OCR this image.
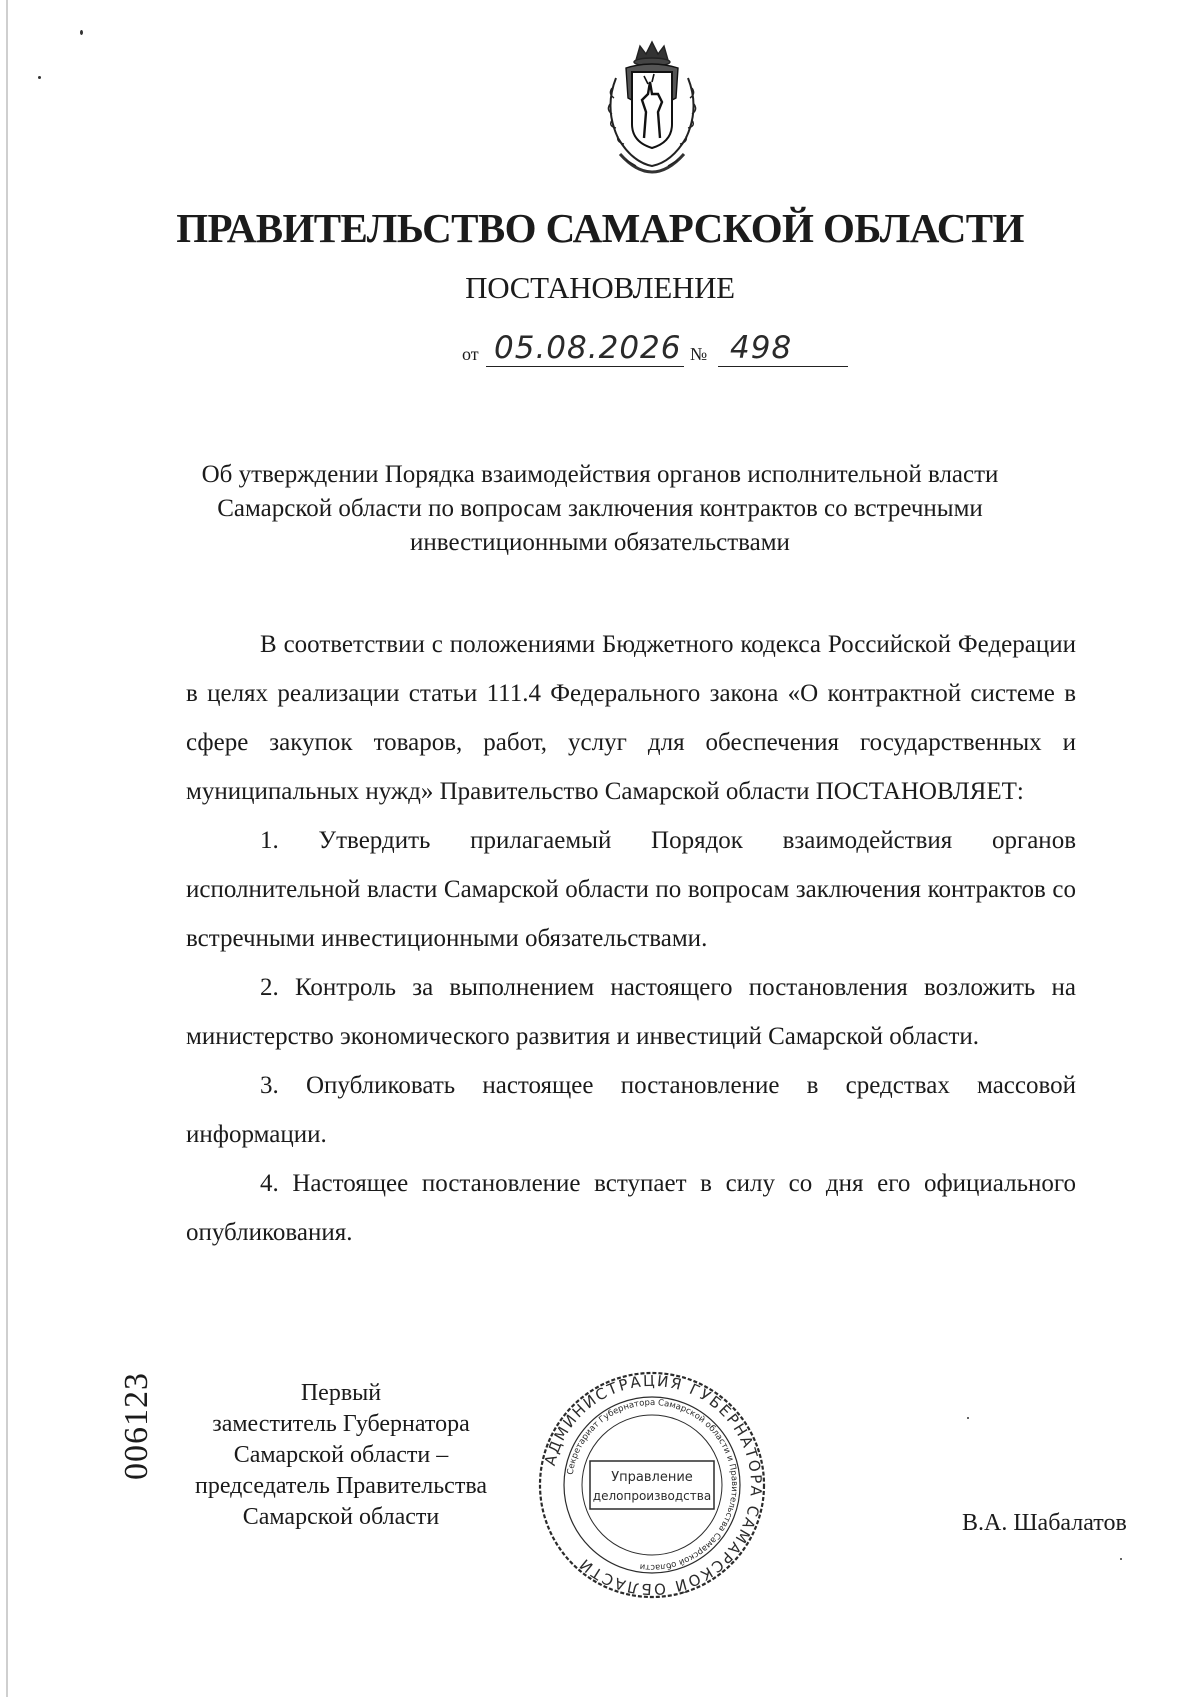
ПРАВИТЕЛЬСТВО САМАРСКОЙ ОБЛАСТИ
ПОСТАНОВЛЕНИЕ
от 05.08.2026 № 498
Об утверждении Порядка взаимодействия органов исполнительной власти
Самарской области по вопросам заключения контрактов со встречными
инвестиционными обязательствами

В соответствии с положениями Бюджетного кодекса Российской Федерации в целях реализации статьи 111.4 Федерального закона «О контрактной системе в сфере закупок товаров, работ, услуг для обеспечения государственных и муниципальных нужд» Правительство Самарской области ПОСТАНОВЛЯЕТ:

1. Утвердить прилагаемый Порядок взаимодействия органов исполнительной власти Самарской области по вопросам заключения контрактов со встречными инвестиционными обязательствами.

2. Контроль за выполнением настоящего постановления возложить на министерство экономического развития и инвестиций Самарской области.

3. Опубликовать настоящее постановление в средствах массовой информации.

4. Настоящее постановление вступает в силу со дня его официального опубликования.

006123	Первый
заместитель Губернатора
Самарской области –
председатель Правительства
Самарской области
АДМИНИСТРАЦИЯ ГУБЕРНАТОРА САМАРСКОЙ ОБЛАСТИ
Секретариат Губернатора Самарской области и Правительства Самарской области
Управление
делопроизводства
В.А. Шабалатов
